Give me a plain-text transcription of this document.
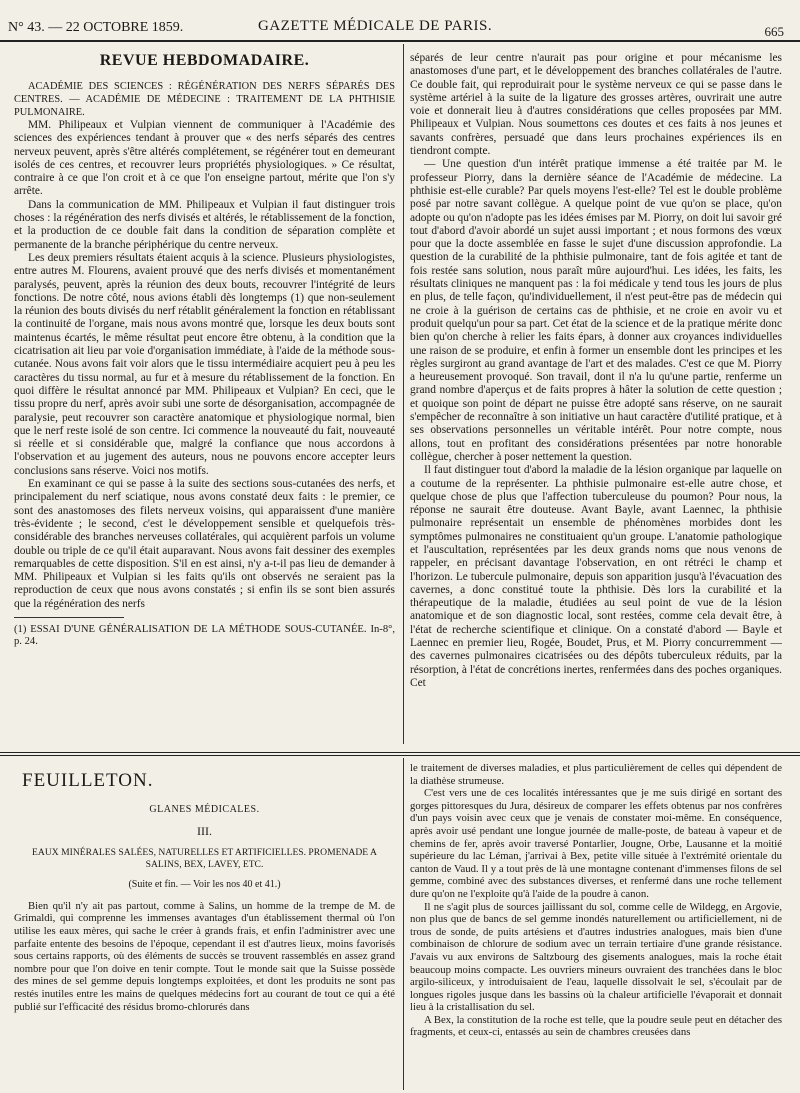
N° 43. — 22 OCTOBRE 1859.	GAZETTE MÉDICALE DE PARIS.	665
REVUE HEBDOMADAIRE.

ACADÉMIE DES SCIENCES : RÉGÉNÉRATION DES NERFS SÉPARÉS DES CENTRES. — ACADÉMIE DE MÉDECINE : TRAITEMENT DE LA PHTHISIE PULMONAIRE.

MM. Philipeaux et Vulpian viennent de communiquer à l'Académie des sciences des expériences tendant à prouver que « des nerfs séparés des centres nerveux peuvent, après s'être altérés complétement, se régénérer tout en demeurant isolés de ces centres, et recouvrer leurs propriétés physiologiques. » Ce résultat, contraire à ce que l'on croit et à ce que l'on enseigne partout, mérite que l'on s'y arrête.

Dans la communication de MM. Philipeaux et Vulpian il faut distinguer trois choses : la régénération des nerfs divisés et altérés, le rétablissement de la fonction, et la production de ce double fait dans la condition de séparation complète et permanente de la branche périphérique du centre nerveux.

Les deux premiers résultats étaient acquis à la science. Plusieurs physiologistes, entre autres M. Flourens, avaient prouvé que des nerfs divisés et momentanément paralysés, peuvent, après la réunion des deux bouts, recouvrer l'intégrité de leurs fonctions. De notre côté, nous avions établi dès longtemps (1) que non-seulement la réunion des bouts divisés du nerf rétablit généralement la fonction en rétablissant la continuité de l'organe, mais nous avons montré que, lorsque les deux bouts sont maintenus écartés, le même résultat peut encore être obtenu, à la condition que la cicatrisation ait lieu par voie d'organisation immédiate, à l'aide de la méthode sous-cutanée. Nous avons fait voir alors que le tissu intermédiaire acquiert peu à peu les caractères du tissu normal, au fur et à mesure du rétablissement de la fonction. En quoi diffère le résultat annoncé par MM. Philipeaux et Vulpian? En ceci, que le tissu propre du nerf, après avoir subi une sorte de désorganisation, accompagnée de paralysie, peut recouvrer son caractère anatomique et physiologique normal, bien que le nerf reste isolé de son centre. Ici commence la nouveauté du fait, nouveauté si réelle et si considérable que, malgré la confiance que nous accordons à l'observation et au jugement des auteurs, nous ne pouvons encore accepter leurs conclusions sans réserve. Voici nos motifs.

En examinant ce qui se passe à la suite des sections sous-cutanées des nerfs, et principalement du nerf sciatique, nous avons constaté deux faits : le premier, ce sont des anastomoses des filets nerveux voisins, qui apparaissent d'une manière très-évidente ; le second, c'est le développement sensible et quelquefois très-considérable des branches nerveuses collatérales, qui acquièrent parfois un volume double ou triple de ce qu'il était auparavant. Nous avons fait dessiner des exemples remarquables de cette disposition. S'il en est ainsi, n'y a-t-il pas lieu de demander à MM. Philipeaux et Vulpian si les faits qu'ils ont observés ne seraient pas la reproduction de ceux que nous avons constatés ; si enfin ils se sont bien assurés que la régénération des nerfs

(1) ESSAI D'UNE GÉNÉRALISATION DE LA MÉTHODE SOUS-CUTANÉE. In-8°, p. 24.

séparés de leur centre n'aurait pas pour origine et pour mécanisme les anastomoses d'une part, et le développement des branches collatérales de l'autre. Ce double fait, qui reproduirait pour le système nerveux ce qui se passe dans le système artériel à la suite de la ligature des grosses artères, ouvrirait une autre voie et donnerait lieu à d'autres considérations que celles proposées par MM. Philipeaux et Vulpian. Nous soumettons ces doutes et ces faits à nos jeunes et savants confrères, persuadé que dans leurs prochaines expériences ils en tiendront compte.

— Une question d'un intérêt pratique immense a été traitée par M. le professeur Piorry, dans la dernière séance de l'Académie de médecine. La phthisie est-elle curable? Par quels moyens l'est-elle? Tel est le double problème posé par notre savant collègue. A quelque point de vue qu'on se place, qu'on adopte ou qu'on n'adopte pas les idées émises par M. Piorry, on doit lui savoir gré tout d'abord d'avoir abordé un sujet aussi important ; et nous formons des vœux pour que la docte assemblée en fasse le sujet d'une discussion approfondie. La question de la curabilité de la phthisie pulmonaire, tant de fois agitée et tant de fois restée sans solution, nous paraît mûre aujourd'hui. Les idées, les faits, les résultats cliniques ne manquent pas : la foi médicale y tend tous les jours de plus en plus, de telle façon, qu'individuellement, il n'est peut-être pas de médecin qui ne croie à la guérison de certains cas de phthisie, et ne croie en avoir vu et produit quelqu'un pour sa part. Cet état de la science et de la pratique mérite donc bien qu'on cherche à relier les faits épars, à donner aux croyances individuelles une raison de se produire, et enfin à former un ensemble dont les principes et les règles surgiront au grand avantage de l'art et des malades. C'est ce que M. Piorry a heureusement provoqué. Son travail, dont il n'a lu qu'une partie, renferme un grand nombre d'aperçus et de faits propres à hâter la solution de cette question ; et quoique son point de départ ne puisse être adopté sans réserve, on ne saurait s'empêcher de reconnaître à son initiative un haut caractère d'utilité pratique, et à ses observations personnelles un véritable intérêt. Pour notre compte, nous allons, tout en profitant des considérations présentées par notre honorable collègue, chercher à poser nettement la question.

Il faut distinguer tout d'abord la maladie de la lésion organique par laquelle on a coutume de la représenter. La phthisie pulmonaire est-elle autre chose, et quelque chose de plus que l'affection tuberculeuse du poumon? Pour nous, la réponse ne saurait être douteuse. Avant Bayle, avant Laennec, la phthisie pulmonaire représentait un ensemble de phénomènes morbides dont les symptômes pulmonaires ne constituaient qu'un groupe. L'anatomie pathologique et l'auscultation, représentées par les deux grands noms que nous venons de rappeler, en précisant davantage l'observation, en ont rétréci le champ et l'horizon. Le tubercule pulmonaire, depuis son apparition jusqu'à l'évacuation des cavernes, a donc constitué toute la phthisie. Dès lors la curabilité et la thérapeutique de la maladie, étudiées au seul point de vue de la lésion anatomique et de son diagnostic local, sont restées, comme cela devait être, à l'état de recherche scientifique et clinique. On a constaté d'abord — Bayle et Laennec en premier lieu, Rogée, Boudet, Prus, et M. Piorry concurremment — des cavernes pulmonaires cicatrisées ou des dépôts tuberculeux réduits, par la résorption, à l'état de concrétions inertes, renfermées dans des poches organiques. Cet

FEUILLETON.
GLANES MÉDICALES.
III.
EAUX MINÉRALES SALÉES, NATURELLES ET ARTIFICIELLES. PROMENADE A SALINS, BEX, LAVEY, ETC.
(Suite et fin. — Voir les nos 40 et 41.)

Bien qu'il n'y ait pas partout, comme à Salins, un homme de la trempe de M. de Grimaldi, qui comprenne les immenses avantages d'un établissement thermal où l'on utilise les eaux mères, qui sache le créer à grands frais, et enfin l'administrer avec une parfaite entente des besoins de l'époque, cependant il est d'autres lieux, moins favorisés sous certains rapports, où des éléments de succès se trouvent rassemblés en assez grand nombre pour que l'on doive en tenir compte. Tout le monde sait que la Suisse possède des mines de sel gemme depuis longtemps exploitées, et dont les produits ne sont pas restés inutiles entre les mains de quelques médecins fort au courant de tout ce qui a été publié sur l'efficacité des résidus bromo-chlorurés dans

le traitement de diverses maladies, et plus particulièrement de celles qui dépendent de la diathèse strumeuse.

C'est vers une de ces localités intéressantes que je me suis dirigé en sortant des gorges pittoresques du Jura, désireux de comparer les effets obtenus par nos confrères d'un pays voisin avec ceux que je venais de constater moi-même. En conséquence, après avoir usé pendant une longue journée de malle-poste, de bateau à vapeur et de chemins de fer, après avoir traversé Pontarlier, Jougne, Orbe, Lausanne et la moitié supérieure du lac Léman, j'arrivai à Bex, petite ville située à l'extrémité orientale du canton de Vaud. Il y a tout près de là une montagne contenant d'immenses filons de sel gemme, combiné avec des substances diverses, et renfermé dans une roche tellement dure qu'on ne l'exploite qu'à l'aide de la poudre à canon.

Il ne s'agit plus de sources jaillissant du sol, comme celle de Wildegg, en Argovie, non plus que de bancs de sel gemme inondés naturellement ou artificiellement, ni de trous de sonde, de puits artésiens et d'autres industries analogues, mais bien d'une combinaison de chlorure de sodium avec un terrain tertiaire d'une grande résistance. J'avais vu aux environs de Saltzbourg des gisements analogues, mais la roche était beaucoup moins compacte. Les ouvriers mineurs ouvraient des tranchées dans le bloc argilo-siliceux, y introduisaient de l'eau, laquelle dissolvait le sel, s'écoulait par de longues rigoles jusque dans les bassins où la chaleur artificielle l'évaporait et donnait lieu à la cristallisation du sel.

A Bex, la constitution de la roche est telle, que la poudre seule peut en détacher des fragments, et ceux-ci, entassés au sein de chambres creusées dans
